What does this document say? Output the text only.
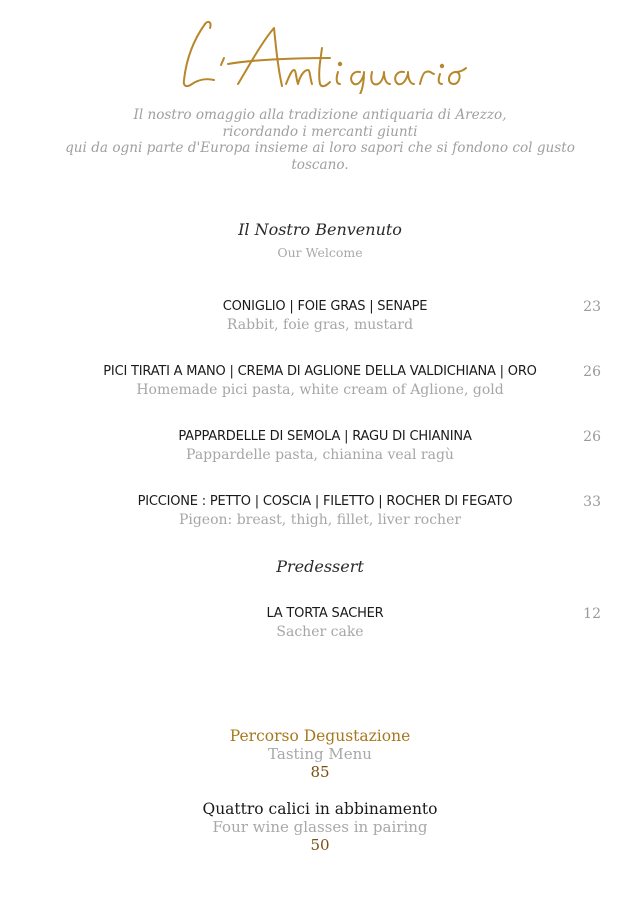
Il nostro omaggio alla tradizione antiquaria di Arezzo,
ricordando i mercanti giunti
qui da ogni parte d'Europa insieme ai loro sapori che si fondono col gusto
toscano.
Il Nostro Benvenuto
Our Welcome
CONIGLIO | FOIE GRAS | SENAPE
Rabbit, foie gras, mustard
23
PICI TIRATI A MANO | CREMA DI AGLIONE DELLA VALDICHIANA | ORO
Homemade pici pasta, white cream of Aglione, gold
26
PAPPARDELLE DI SEMOLA | RAGU DI CHIANINA
Pappardelle pasta, chianina veal ragù
26
PICCIONE : PETTO | COSCIA | FILETTO | ROCHER DI FEGATO
Pigeon: breast, thigh, fillet, liver rocher
33
Predessert
LA TORTA SACHER
Sacher cake
12
Percorso Degustazione
Tasting Menu
85
Quattro calici in abbinamento
Four wine glasses in pairing
50
